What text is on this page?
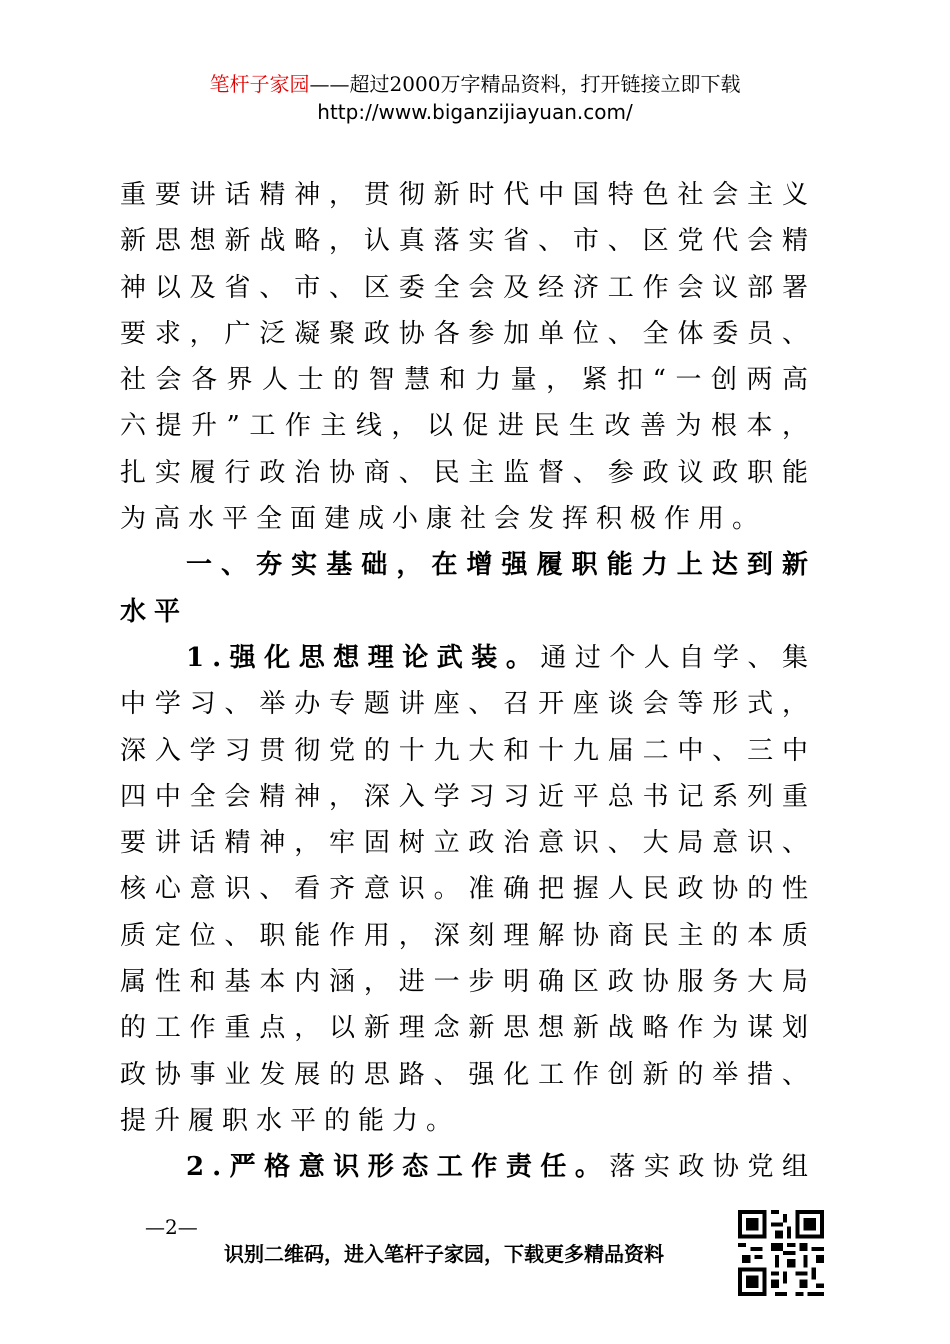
笔杆子家园——超过2000万字精品资料，打开链接立即下载
http://www.biganzijiayuan.com/
重要讲话精神，贯彻新时代中国特色社会主义
新思想新战略，认真落实省、市、区党代会精
神以及省、市、区委全会及经济工作会议部署
要求，广泛凝聚政协各参加单位、全体委员、
社会各界人士的智慧和力量，紧扣“一创两高
六提升”工作主线，以促进民生改善为根本，
扎实履行政治协商、民主监督、参政议政职能
为高水平全面建成小康社会发挥积极作用。
一、夯实基础，在增强履职能力上达到新
水平
1.强化思想理论武装。通过个人自学、集
中学习、举办专题讲座、召开座谈会等形式，
深入学习贯彻党的十九大和十九届二中、三中
四中全会精神，深入学习习近平总书记系列重
要讲话精神，牢固树立政治意识、大局意识、
核心意识、看齐意识。准确把握人民政协的性
质定位、职能作用，深刻理解协商民主的本质
属性和基本内涵，进一步明确区政协服务大局
的工作重点，以新理念新思想新战略作为谋划
政协事业发展的思路、强化工作创新的举措、
提升履职水平的能力。
2.严格意识形态工作责任。落实政协党组
—2—
识别二维码，进入笔杆子家园，下载更多精品资料
